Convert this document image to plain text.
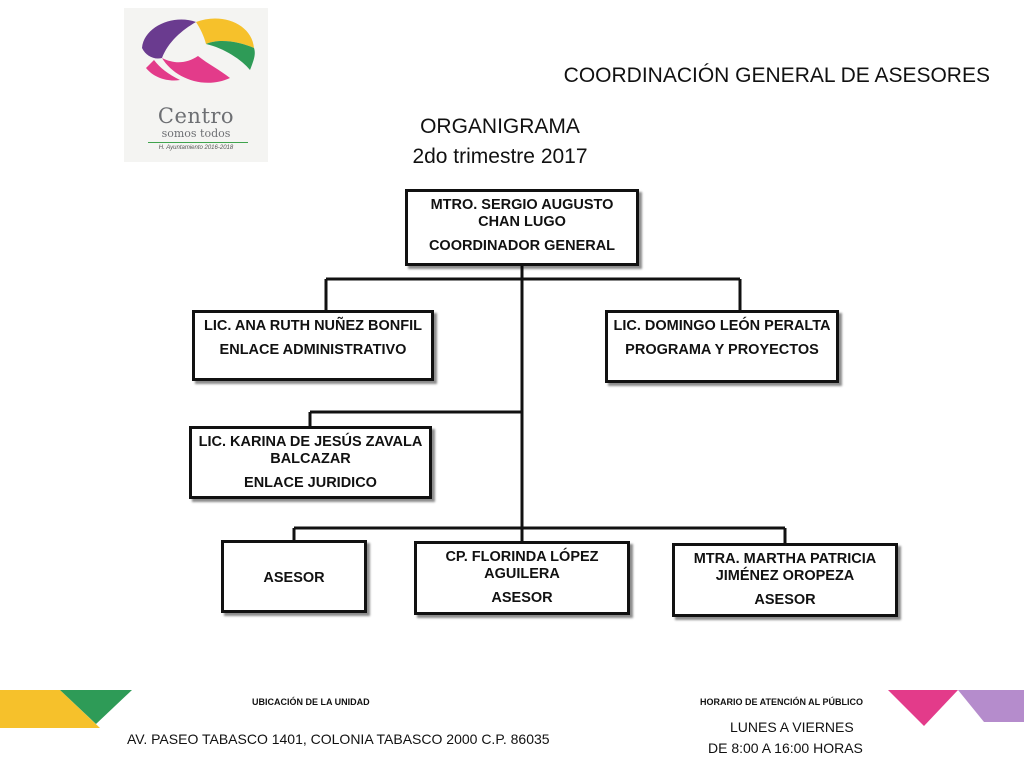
Centro
somos todos
H. Ayuntamiento 2016-2018
COORDINACIÓN GENERAL DE ASESORES
ORGANIGRAMA
2do trimestre 2017
MTRO. SERGIO AUGUSTO CHAN LUGO
COORDINADOR GENERAL
LIC. ANA RUTH NUÑEZ BONFIL
ENLACE ADMINISTRATIVO
LIC. DOMINGO LEÓN PERALTA
PROGRAMA Y PROYECTOS
LIC. KARINA DE JESÚS ZAVALA BALCAZAR
ENLACE JURIDICO
ASESOR
CP. FLORINDA LÓPEZ AGUILERA
ASESOR
MTRA. MARTHA PATRICIA JIMÉNEZ OROPEZA
ASESOR
UBICACIÓN DE LA UNIDAD
AV. PASEO TABASCO 1401, COLONIA TABASCO 2000 C.P. 86035
HORARIO DE ATENCIÓN AL PÚBLICO
LUNES A VIERNES
DE 8:00 A 16:00 HORAS
